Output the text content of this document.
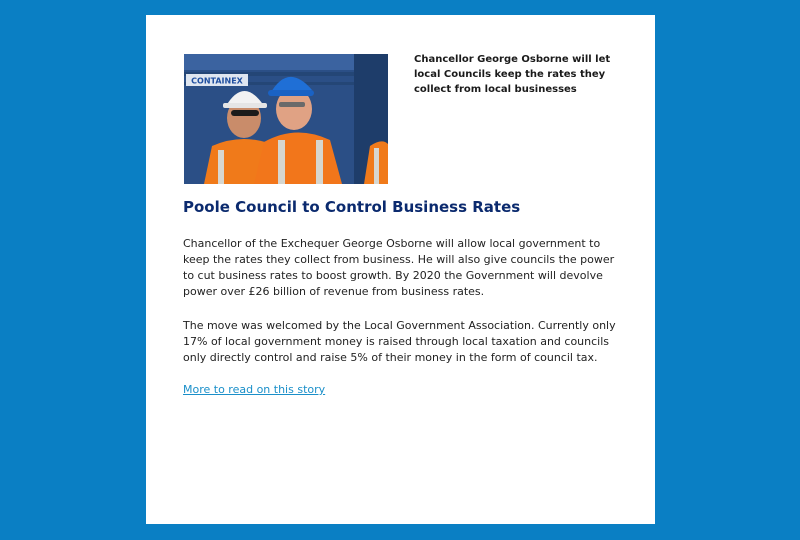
CONTAINEX
Chancellor George Osborne will let local Councils keep the rates they collect from local businesses
Poole Council to Control Business Rates

Chancellor of the Exchequer George Osborne will allow local government to keep the rates they collect from business. He will also give councils the power to cut business rates to boost growth. By 2020 the Government will devolve power over £26 billion of revenue from business rates.

The move was welcomed by the Local Government Association. Currently only 17% of local government money is raised through local taxation and councils only directly control and raise 5% of their money in the form of council tax.

More to read on this story
